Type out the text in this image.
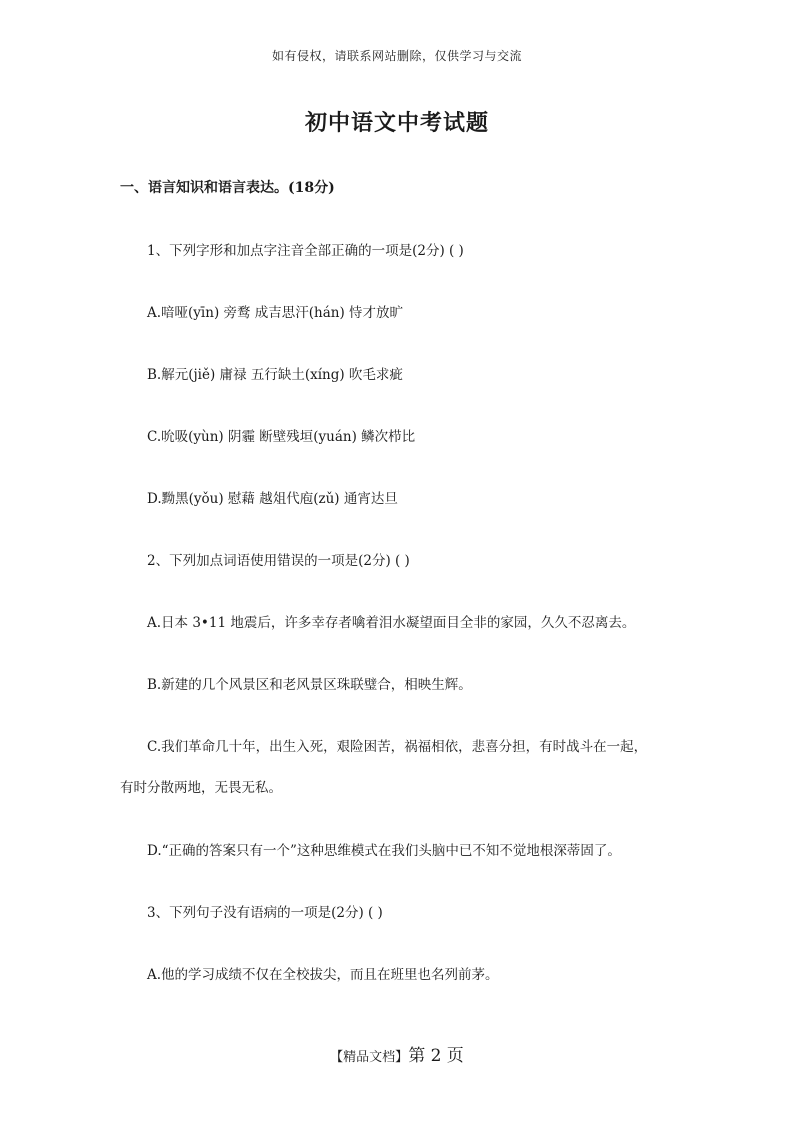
如有侵权，请联系网站删除，仅供学习与交流
初中语文中考试题
一、语言知识和语言表达。(18分)
1、下列字形和加点字注音全部正确的一项是(2分) ( )
A.喑哑(yīn) 旁鹜 成吉思汗(hán) 恃才放旷
B.解元(jiě) 庸禄 五行缺土(xíng) 吹毛求疵
C.吮吸(yùn) 阴霾 断壁残垣(yuán) 鳞次栉比
D.黝黑(yǒu) 慰藉 越俎代庖(zǔ) 通宵达旦
2、下列加点词语使用错误的一项是(2分) ( )
A.日本 3•11 地震后，许多幸存者噙着泪水凝望面目全非的家园，久久不忍离去。
B.新建的几个风景区和老风景区珠联璧合，相映生辉。
C.我们革命几十年，出生入死，艰险困苦，祸福相依，悲喜分担，有时战斗在一起，
有时分散两地，无畏无私。
D.“正确的答案只有一个”这种思维模式在我们头脑中已不知不觉地根深蒂固了。
3、下列句子没有语病的一项是(2分) ( )
A.他的学习成绩不仅在全校拔尖，而且在班里也名列前茅。
【精品文档】第 2 页
